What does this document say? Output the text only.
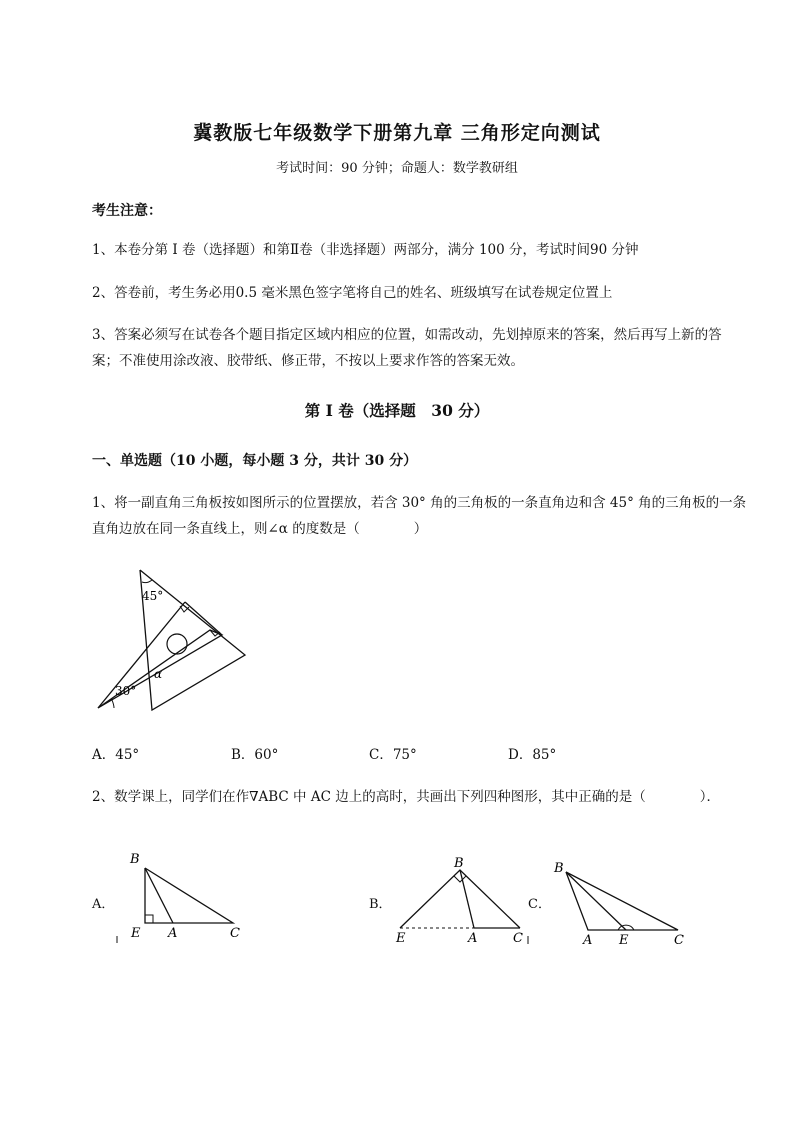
冀教版七年级数学下册第九章 三角形定向测试
考试时间：90 分钟；命题人：数学教研组
考生注意：
1、本卷分第 I 卷（选择题）和第Ⅱ卷（非选择题）两部分，满分 100 分，考试时间90 分钟
2、答卷前，考生务必用0.5 毫米黑色签字笔将自己的姓名、班级填写在试卷规定位置上
3、答案必须写在试卷各个题目指定区域内相应的位置，如需改动，先划掉原来的答案，然后再写上新的答案；不准使用涂改液、胶带纸、修正带，不按以上要求作答的答案无效。
第 I 卷（选择题　30 分）
一、单选题（10 小题，每小题 3 分，共计 30 分）
1、将一副直角三角板按如图所示的位置摆放，若含 30° 角的三角板的一条直角边和含 45° 角的三角板的一条直角边放在同一条直线上，则∠α 的度数是（　　　　）
45°
30°
α
A．45°	B．60°	C．75°	D．85°
2、数学课上，同学们在作∇ABC 中 AC 边上的高时，共画出下列四种图形，其中正确的是（　　　　）．
A．
B
E A	C
B．
B
E	A	C
C．
B
A E	C
